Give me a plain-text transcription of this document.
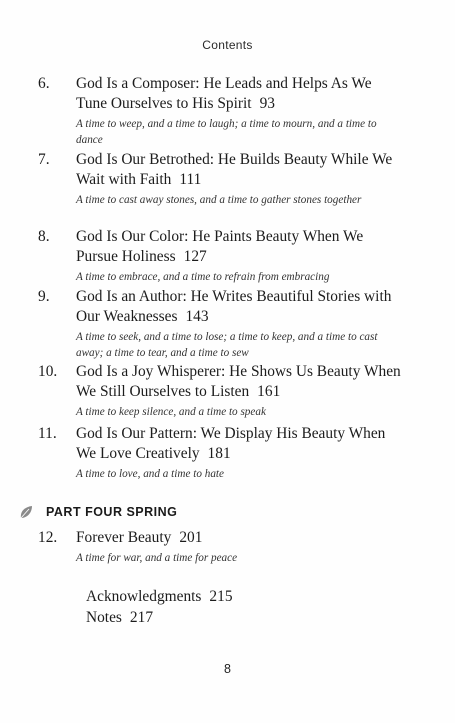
Contents
6. God Is a Composer: He Leads and Helps As We Tune Ourselves to His Spirit 93
A time to weep, and a time to laugh; a time to mourn, and a time to dance
7. God Is Our Betrothed: He Builds Beauty While We Wait with Faith 111
A time to cast away stones, and a time to gather stones together
8. God Is Our Color: He Paints Beauty When We Pursue Holiness 127
A time to embrace, and a time to refrain from embracing
9. God Is an Author: He Writes Beautiful Stories with Our Weaknesses 143
A time to seek, and a time to lose; a time to keep, and a time to cast away; a time to tear, and a time to sew
10. God Is a Joy Whisperer: He Shows Us Beauty When We Still Ourselves to Listen 161
A time to keep silence, and a time to speak
11. God Is Our Pattern: We Display His Beauty When We Love Creatively 181
A time to love, and a time to hate
PART FOUR SPRING
12. Forever Beauty 201
A time for war, and a time for peace
Acknowledgments 215
Notes 217
8
